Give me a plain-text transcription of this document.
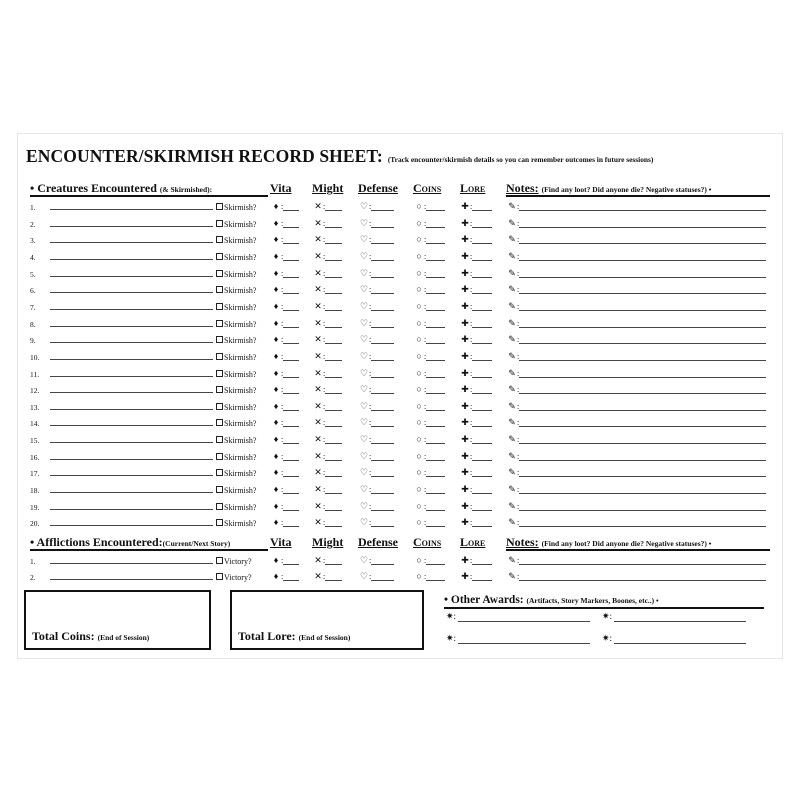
ENCOUNTER/SKIRMISH RECORD SHEET: (Track encounter/skirmish details so you can remember outcomes in future sessions)
• Creatures Encountered (& Skirmished):	Vita Might Defense Coins Lore Notes: (Find any loot? Did anyone die? Negative statuses?) •
1.	Skirmish?	♦ :	✕:	♡:	○ :	✚:	✎:
2.	Skirmish?	♦ :	✕:	♡:	○ :	✚:	✎:
3.	Skirmish?	♦ :	✕:	♡:	○ :	✚:	✎:
4.	Skirmish?	♦ :	✕:	♡:	○ :	✚:	✎:
5.	Skirmish?	♦ :	✕:	♡:	○ :	✚:	✎:
6.	Skirmish?	♦ :	✕:	♡:	○ :	✚:	✎:
7.	Skirmish?	♦ :	✕:	♡:	○ :	✚:	✎:
8.	Skirmish?	♦ :	✕:	♡:	○ :	✚:	✎:
9.	Skirmish?	♦ :	✕:	♡:	○ :	✚:	✎:
10.	Skirmish?	♦ :	✕:	♡:	○ :	✚:	✎:
11.	Skirmish?	♦ :	✕:	♡:	○ :	✚:	✎:
12.	Skirmish?	♦ :	✕:	♡:	○ :	✚:	✎:
13.	Skirmish?	♦ :	✕:	♡:	○ :	✚:	✎:
14.	Skirmish?	♦ :	✕:	♡:	○ :	✚:	✎:
15.	Skirmish?	♦ :	✕:	♡:	○ :	✚:	✎:
16.	Skirmish?	♦ :	✕:	♡:	○ :	✚:	✎:
17.	Skirmish?	♦ :	✕:	♡:	○ :	✚:	✎:
18.	Skirmish?	♦ :	✕:	♡:	○ :	✚:	✎:
19.	Skirmish?	♦ :	✕:	♡:	○ :	✚:	✎:
20.	Skirmish?	♦ :	✕:	♡:	○ :	✚:	✎:
• Afflictions Encountered:(Current/Next Story)	Vita Might Defense Coins Lore Notes: (Find any loot? Did anyone die? Negative statuses?) •
1.	Victory?	♦ :	✕:	♡:	○ :	✚:	✎:
2.	Victory?	♦ :	✕:	♡:	○ :	✚:	✎:
Total Coins: (End of Session)	Total Lore: (End of Session)
• Other Awards: (Artifacts, Story Markers, Boones, etc..) •
✷:	✷:
✷:	✷:
